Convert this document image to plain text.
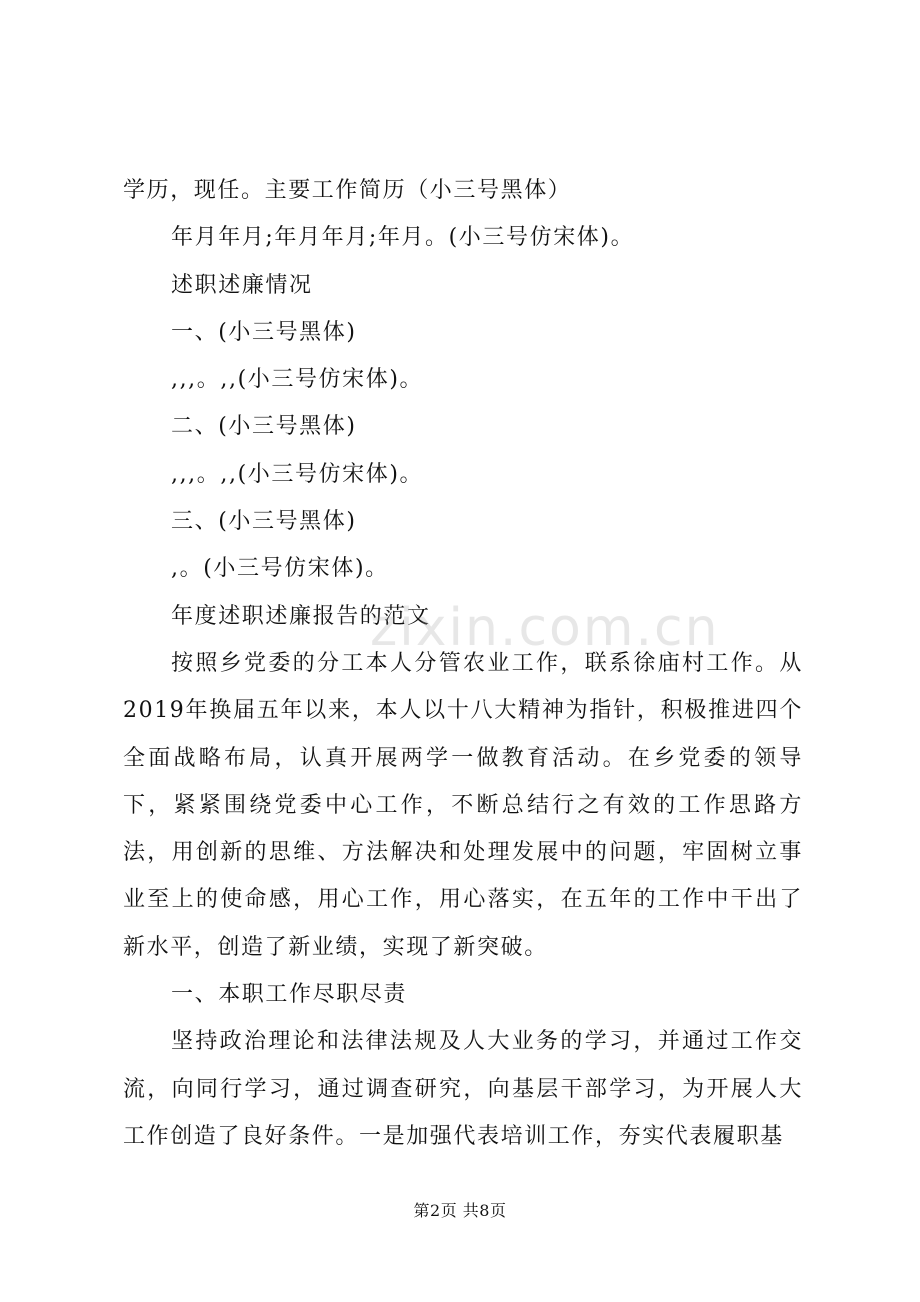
学历，现任。主要工作简历（小三号黑体）

年月年月;年月年月;年月。(小三号仿宋体)。

述职述廉情况

一、(小三号黑体)

,,,。,,(小三号仿宋体)。

二、(小三号黑体)

,,,。,,(小三号仿宋体)。

三、(小三号黑体)

,。(小三号仿宋体)。

年度述职述廉报告的范文

按照乡党委的分工本人分管农业工作，联系徐庙村工作。从2019年换届五年以来，本人以十八大精神为指针，积极推进四个全面战略布局，认真开展两学一做教育活动。在乡党委的领导下，紧紧围绕党委中心工作，不断总结行之有效的工作思路方法，用创新的思维、方法解决和处理发展中的问题，牢固树立事业至上的使命感，用心工作，用心落实，在五年的工作中干出了新水平，创造了新业绩，实现了新突破。

一、本职工作尽职尽责

坚持政治理论和法律法规及人大业务的学习，并通过工作交流，向同行学习，通过调查研究，向基层干部学习，为开展人大工作创造了良好条件。一是加强代表培训工作，夯实代表履职基

zixin.com.cn
第2页 共8页
